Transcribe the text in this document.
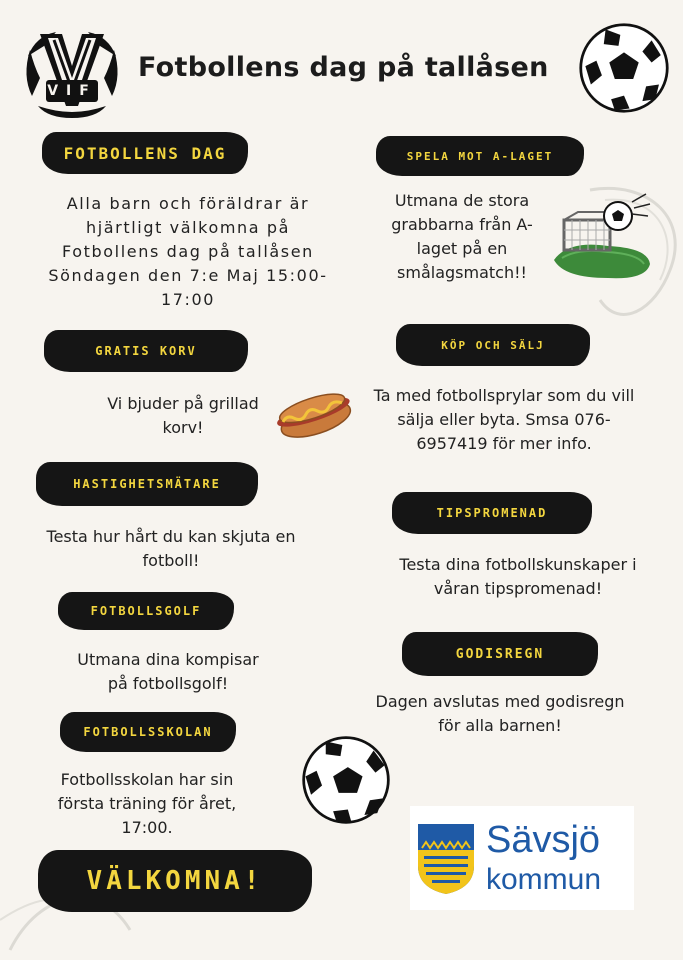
VIF
Fotbollens dag på tallåsen
FOTBOLLENS DAG
Alla barn och föräldrar är
hjärtligt välkomna på
Fotbollens dag på tallåsen
Söndagen den 7:e Maj 15:00-
17:00
GRATIS KORV
Vi bjuder på grillad
korv!
HASTIGHETSMÄTARE
Testa hur hårt du kan skjuta en
fotboll!
FOTBOLLSGOLF
Utmana dina kompisar
på fotbollsgolf!
FOTBOLLSSKOLAN
Fotbollsskolan har sin
första träning för året,
17:00.
VÄLKOMNA!
SPELA MOT A-LAGET
Utmana de stora
grabbarna från A-
laget på en
smålagsmatch!!
KÖP OCH SÄLJ
Ta med fotbollsprylar som du vill
sälja eller byta. Smsa 076-
6957419 för mer info.
TIPSPROMENAD
Testa dina fotbollskunskaper i
våran tipspromenad!
GODISREGN
Dagen avslutas med godisregn
för alla barnen!
Sävsjö
kommun
